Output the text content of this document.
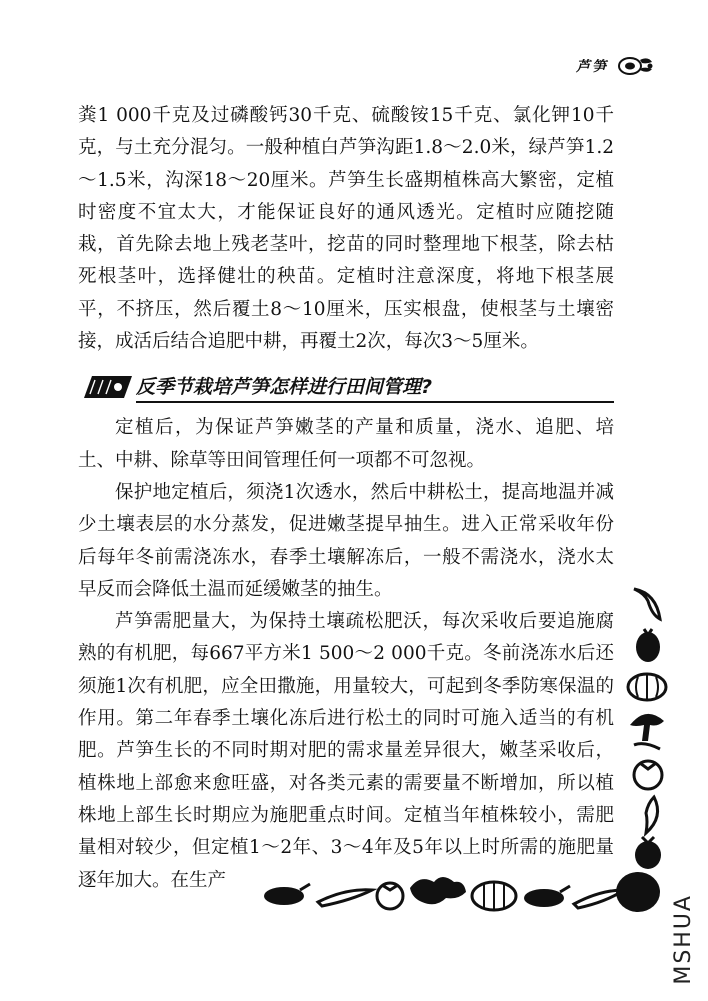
芦笋

粪1 000千克及过磷酸钙30千克、硫酸铵15千克、氯化钾10千克，与土充分混匀。一般种植白芦笋沟距1.8～2.0米，绿芦笋1.2～1.5米，沟深18～20厘米。芦笋生长盛期植株高大繁密，定植时密度不宜太大，才能保证良好的通风透光。定植时应随挖随栽，首先除去地上残老茎叶，挖苗的同时整理地下根茎，除去枯死根茎叶，选择健壮的秧苗。定植时注意深度，将地下根茎展平，不挤压，然后覆土8～10厘米，压实根盘，使根茎与土壤密接，成活后结合追肥中耕，再覆土2次，每次3～5厘米。

反季节栽培芦笋怎样进行田间管理?

定植后，为保证芦笋嫩茎的产量和质量，浇水、追肥、培土、中耕、除草等田间管理任何一项都不可忽视。

保护地定植后，须浇1次透水，然后中耕松土，提高地温并减少土壤表层的水分蒸发，促进嫩茎提早抽生。进入正常采收年份后每年冬前需浇冻水，春季土壤解冻后，一般不需浇水，浇水太早反而会降低土温而延缓嫩茎的抽生。

芦笋需肥量大，为保持土壤疏松肥沃，每次采收后要追施腐熟的有机肥，每667平方米1 500～2 000千克。冬前浇冻水后还须施1次有机肥，应全田撒施，用量较大，可起到冬季防寒保温的作用。第二年春季土壤化冻后进行松土的同时可施入适当的有机肥。芦笋生长的不同时期对肥的需求量差异很大，嫩茎采收后，植株地上部愈来愈旺盛，对各类元素的需要量不断增加，所以植株地上部生长时期应为施肥重点时间。定植当年植株较小，需肥量相对较少，但定植1～2年、3～4年及5年以上时所需的施肥量逐年加大。在生产

MSHUA
